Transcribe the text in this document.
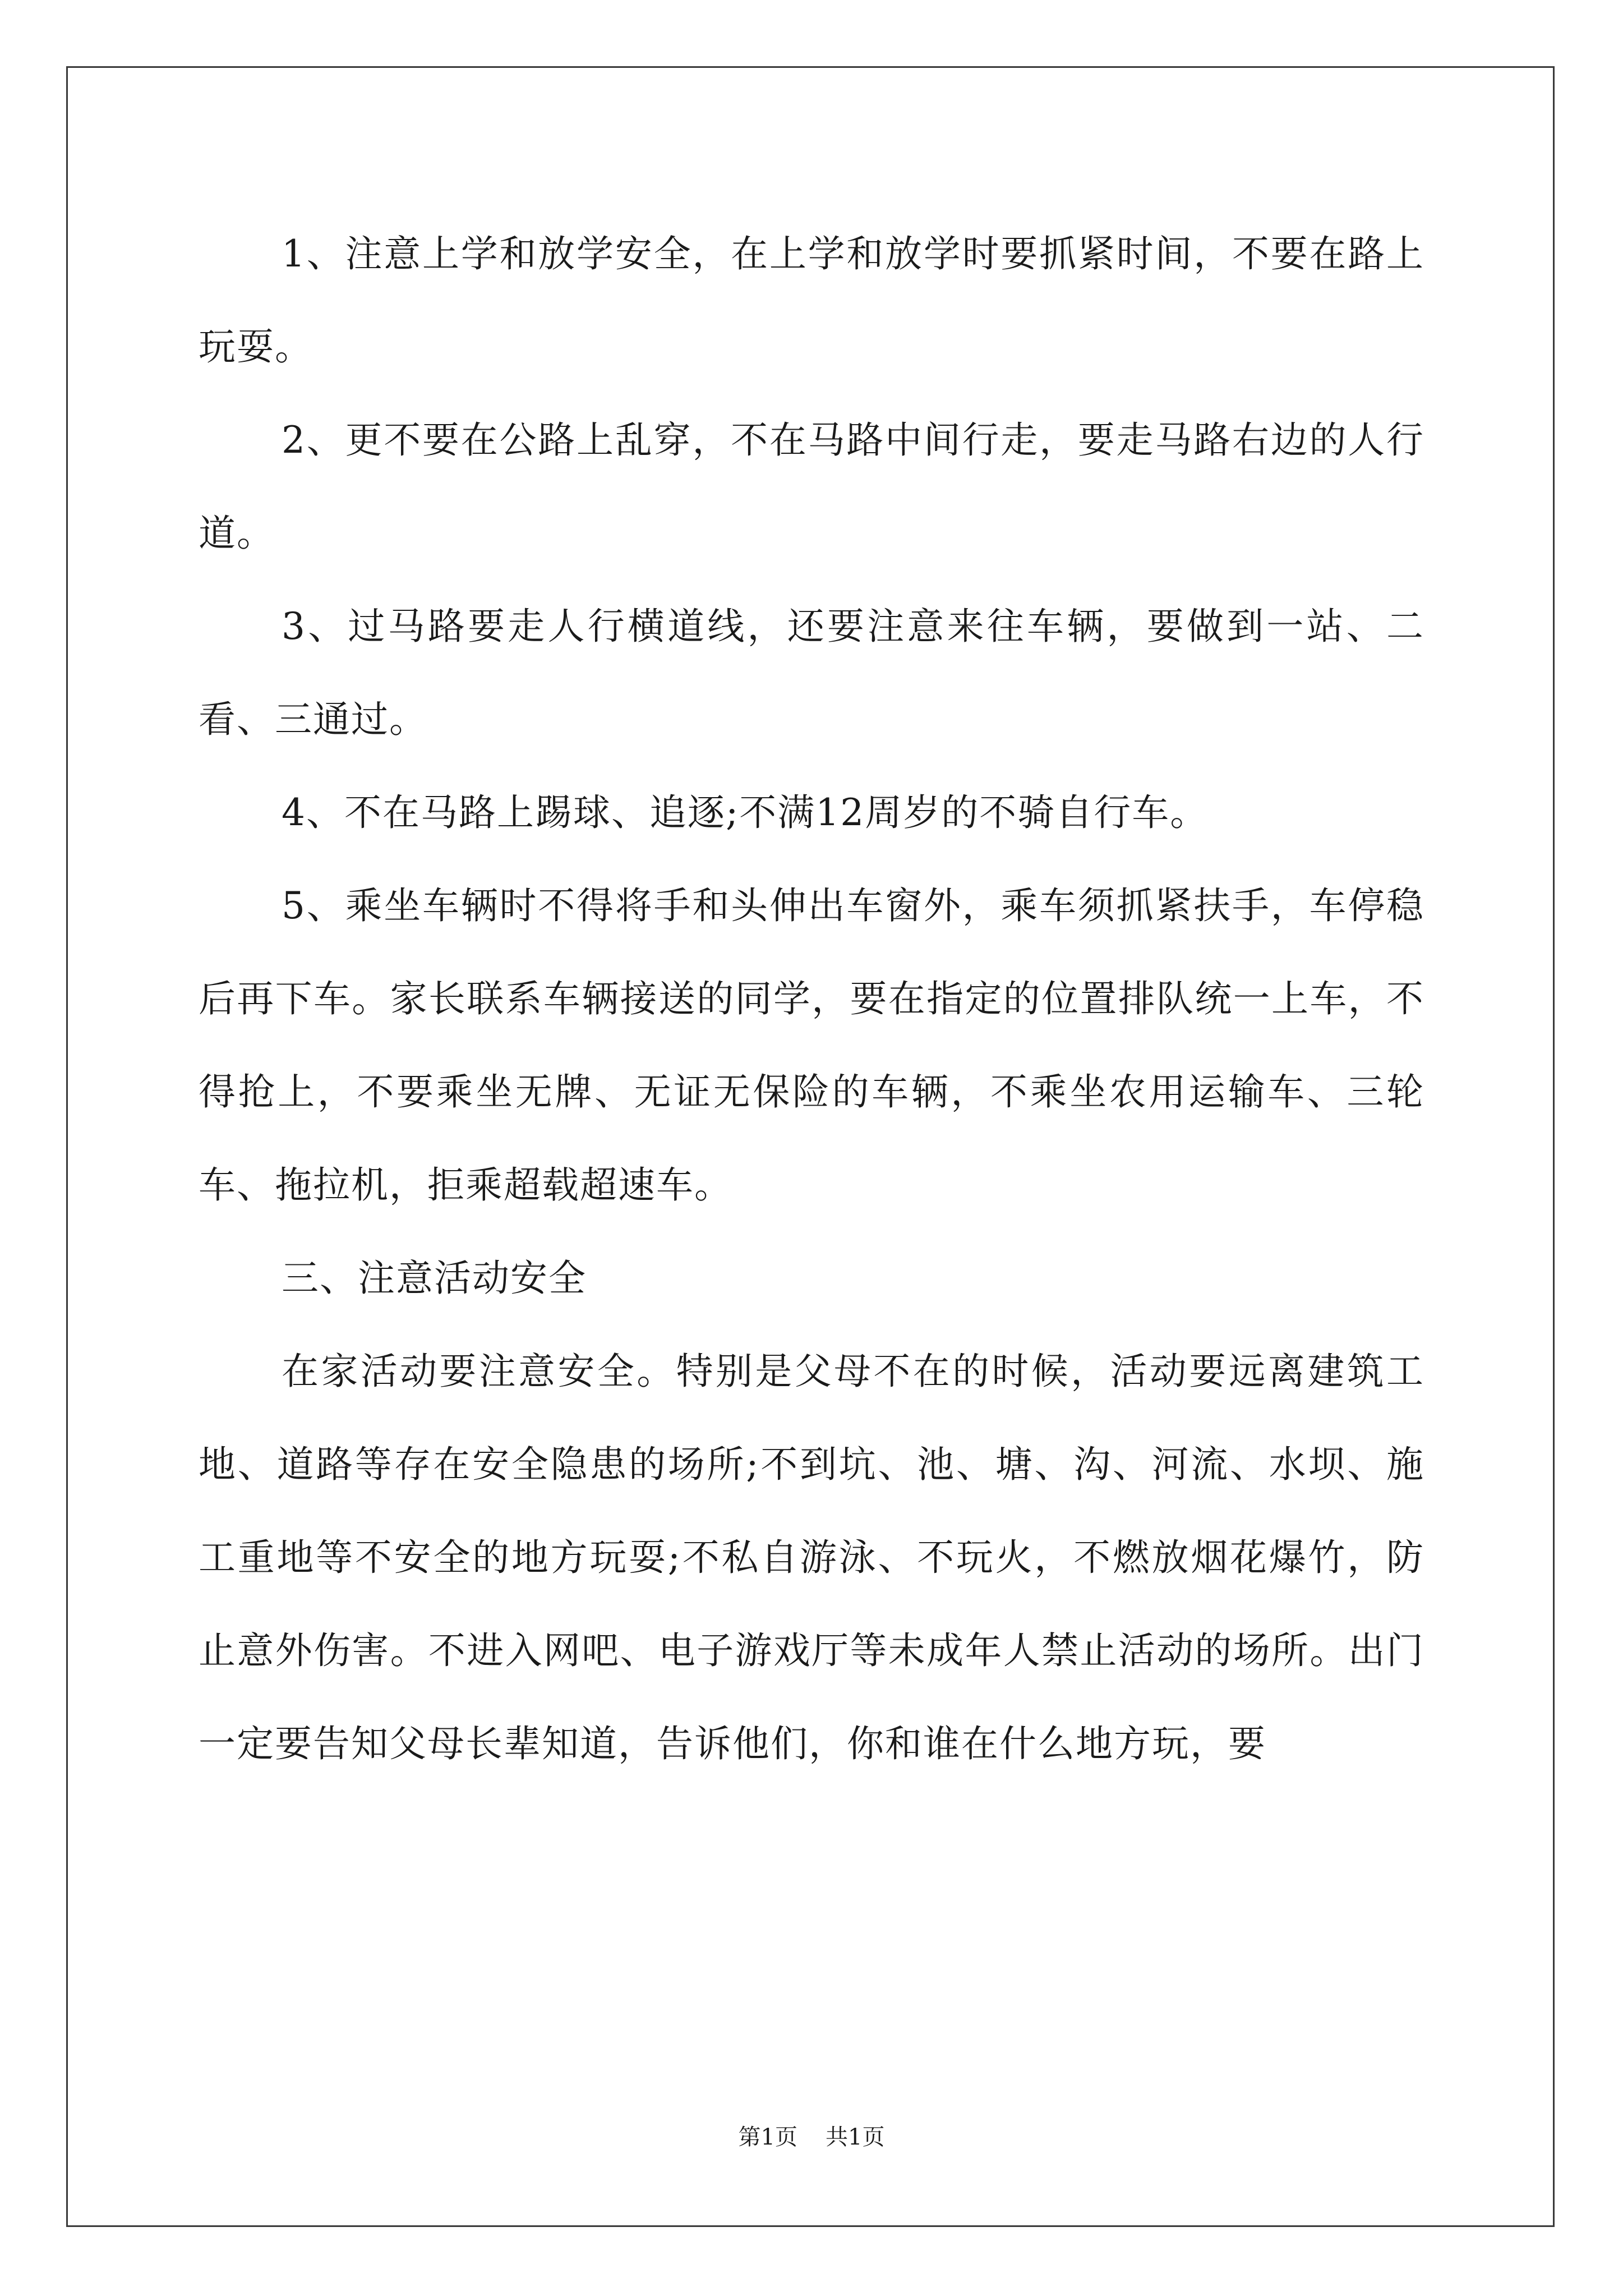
1、注意上学和放学安全，在上学和放学时要抓紧时间，不要在路上玩耍。

2、更不要在公路上乱穿，不在马路中间行走，要走马路右边的人行道。

3、过马路要走人行横道线，还要注意来往车辆，要做到一站、二看、三通过。

4、不在马路上踢球、追逐;不满12周岁的不骑自行车。

5、乘坐车辆时不得将手和头伸出车窗外，乘车须抓紧扶手，车停稳后再下车。家长联系车辆接送的同学，要在指定的位置排队统一上车，不得抢上，不要乘坐无牌、无证无保险的车辆，不乘坐农用运输车、三轮车、拖拉机，拒乘超载超速车。

三、注意活动安全

在家活动要注意安全。特别是父母不在的时候，活动要远离建筑工地、道路等存在安全隐患的场所;不到坑、池、塘、沟、河流、水坝、施工重地等不安全的地方玩耍;不私自游泳、不玩火，不燃放烟花爆竹，防止意外伤害。不进入网吧、电子游戏厅等未成年人禁止活动的场所。出门一定要告知父母长辈知道，告诉他们，你和谁在什么地方玩，要

第1页 共1页
